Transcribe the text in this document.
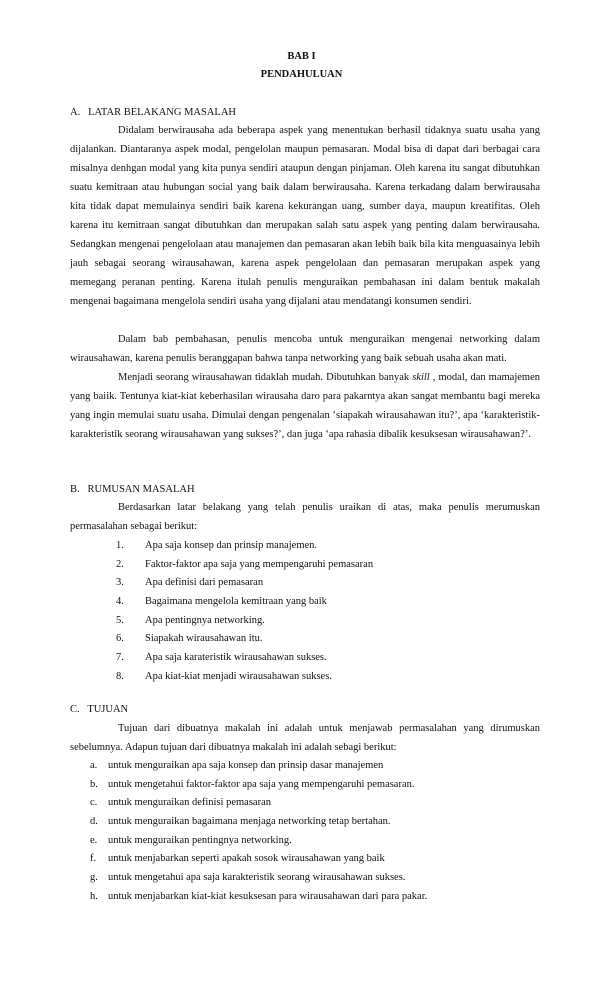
BAB I

PENDAHULUAN

A.   LATAR BELAKANG MASALAH

Didalam berwirausaha ada beberapa aspek yang menentukan berhasil tidaknya suatu usaha yang dijalankan. Diantaranya aspek modal, pengelolan maupun pemasaran. Modal bisa di dapat dari berbagai cara misalnya denhgan modal yang kita punya sendiri ataupun dengan pinjaman. Oleh karena itu sangat dibutuhkan suatu kemitraan atau hubungan social yang baik dalam berwirausaha. Karena terkadang dalam berwirausaha kita tidak dapat memulainya sendiri baik karena kekurangan uang, sumber daya, maupun kreatifitas. Oleh karena itu kemitraan sangat dibutuhkan dan merupakan salah satu aspek yang penting dalam berwirausaha. Sedangkan mengenai pengelolaan atau manajemen dan pemasaran akan lebih baik bila kita menguasainya lebih jauh sebagai seorang wirausahawan, karena aspek pengelolaan dan pemasaran merupakan aspek yang memegang peranan penting. Karena itulah penulis menguraikan pembahasan ini dalam bentuk makalah mengenai bagaimana mengelola sendiri usaha yang dijalani atau mendatangi konsumen sendiri.

Dalam bab pembahasan, penulis mencoba untuk menguraikan mengenai networking dalam wirausahawan, karena penulis beranggapan bahwa tanpa networking yang baik sebuah usaha akan mati.

Menjadi seorang wirausahawan tidaklah mudah. Dibutuhkan banyak skill , modal, dan mamajemen yang baiik. Tentunya kiat-kiat keberhasilan wirausaha daro para pakarntya akan sangat membantu bagi mereka yang ingin memulai suatu usaha. Dimulai dengan pengenalan ‘siapakah wirausahawan itu?’, apa ‘karakteristik-karakteristik seorang wirausahawan yang sukses?’, dan juga ‘apa rahasia dibalik kesuksesan wirausahawan?’.

B.   RUMUSAN MASALAH

Berdasarkan latar belakang yang telah penulis uraikan di atas, maka penulis merumuskan permasalahan sebagai berikut:

1.	Apa saja konsep dan prinsip manajemen.
2.	Faktor-faktor apa saja yang mempengaruhi pemasaran
3.	Apa definisi dari pemasaran
4.	Bagaimana mengelola kemitraan yang baik
5.	Apa pentingnya networking.
6.	Siapakah wirausahawan itu.
7.	Apa saja karateristik wirausahawan sukses.
8.	Apa kiat-kiat menjadi wirausahawan sukses.

C.   TUJUAN

Tujuan dari dibuatnya makalah ini adalah untuk menjawab permasalahan yang dirumuskan sebelumnya. Adapun tujuan dari dibuatnya makalah ini adalah sebagi berikut:

a.	untuk menguraikan apa saja konsep dan prinsip dasar manajemen
b. untuk mengetahui faktor-faktor apa saja yang mempengaruhi pemasaran.
c.	untuk menguraikan definisi pemasaran
d. untuk menguraikan bagaimana menjaga networking tetap bertahan.
e.	untuk menguraikan pentingnya networking.
f.	untuk menjabarkan seperti apakah sosok wirausahawan yang baik
g. untuk mengetahui apa saja karakteristik seorang wirausahawan sukses.
h. untuk menjabarkan kiat-kiat kesuksesan para wirausahawan dari para pakar.
